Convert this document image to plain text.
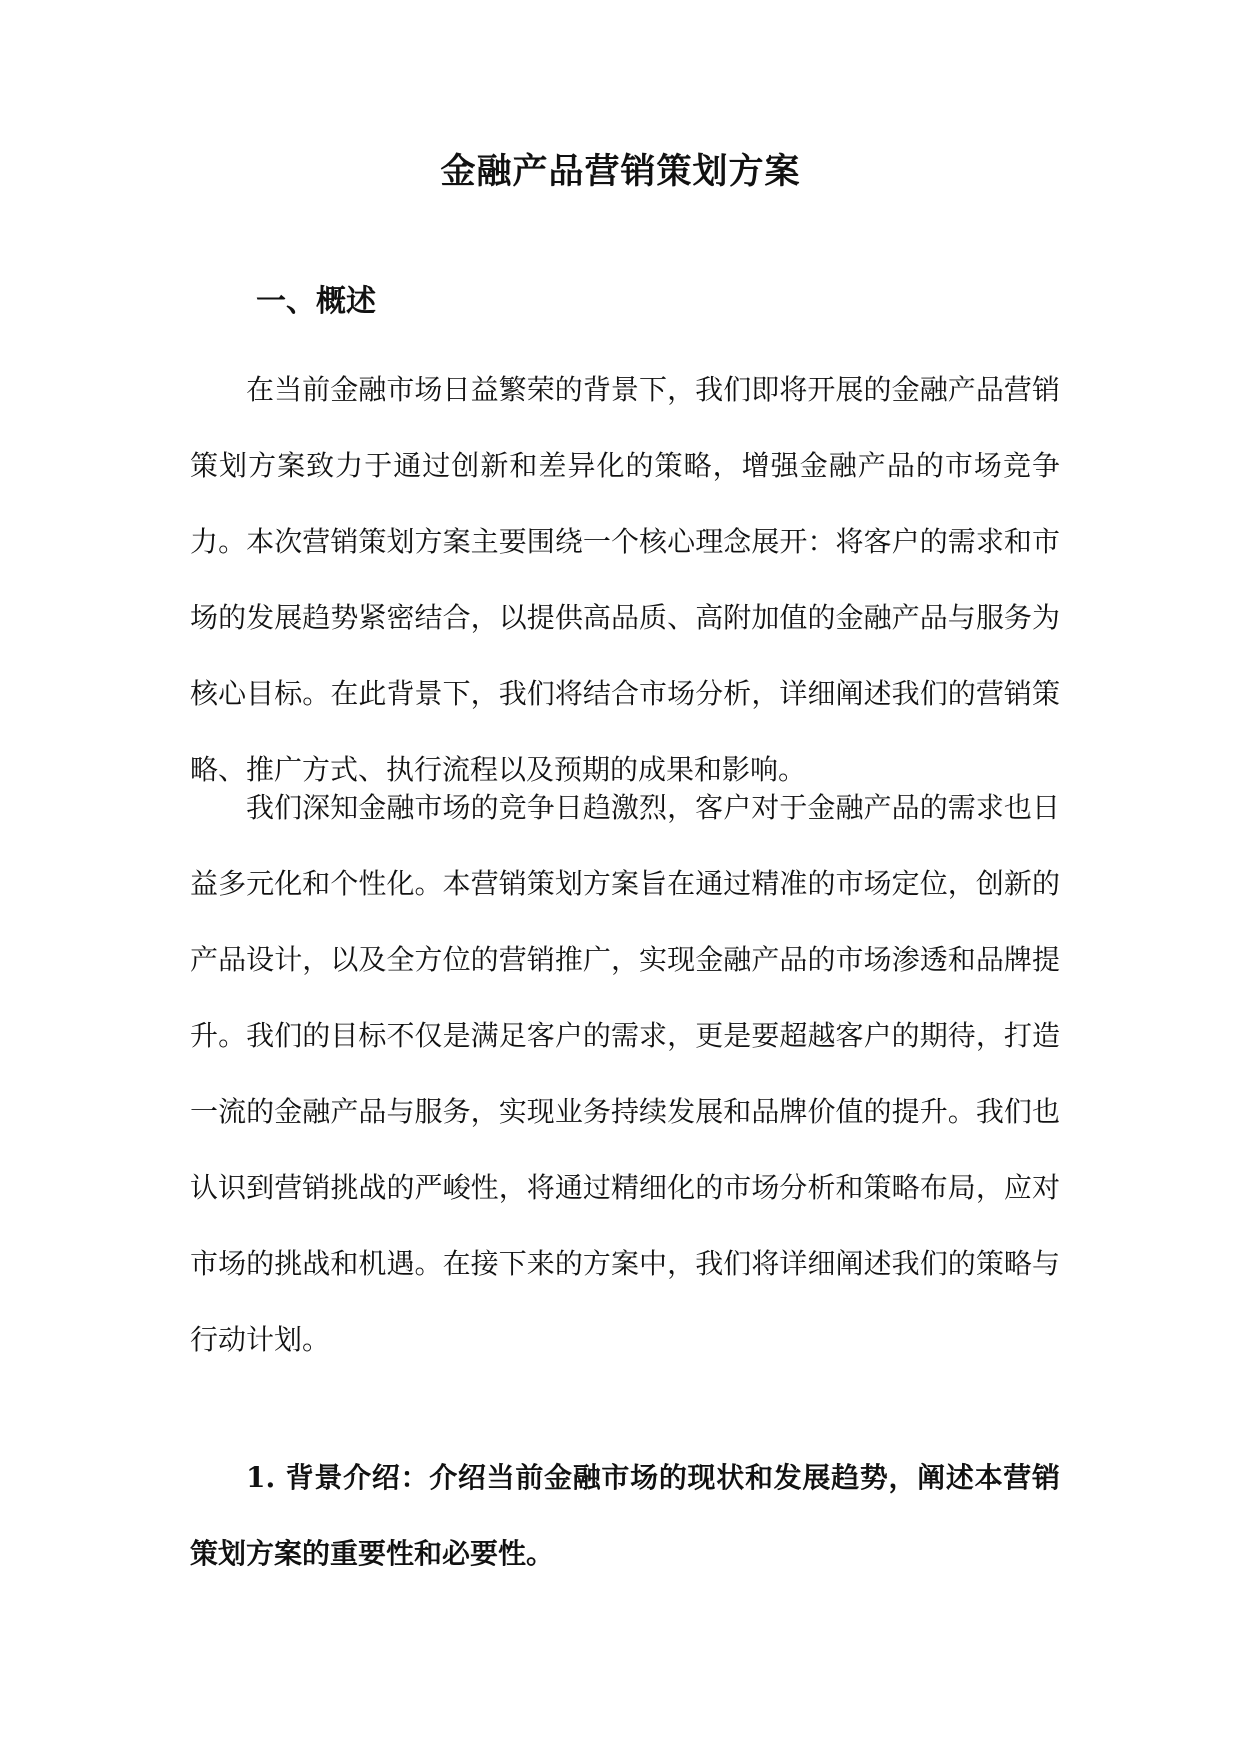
金融产品营销策划方案
一、概述

在当前金融市场日益繁荣的背景下，我们即将开展的金融产品营销策划方案致力于通过创新和差异化的策略，增强金融产品的市场竞争力。本次营销策划方案主要围绕一个核心理念展开：将客户的需求和市场的发展趋势紧密结合，以提供高品质、高附加值的金融产品与服务为核心目标。在此背景下，我们将结合市场分析，详细阐述我们的营销策略、推广方式、执行流程以及预期的成果和影响。

我们深知金融市场的竞争日趋激烈，客户对于金融产品的需求也日益多元化和个性化。本营销策划方案旨在通过精准的市场定位，创新的产品设计，以及全方位的营销推广，实现金融产品的市场渗透和品牌提升。我们的目标不仅是满足客户的需求，更是要超越客户的期待，打造一流的金融产品与服务，实现业务持续发展和品牌价值的提升。我们也认识到营销挑战的严峻性，将通过精细化的市场分析和策略布局，应对市场的挑战和机遇。在接下来的方案中，我们将详细阐述我们的策略与行动计划。

1. 背景介绍：介绍当前金融市场的现状和发展趋势，阐述本营销策划方案的重要性和必要性。
